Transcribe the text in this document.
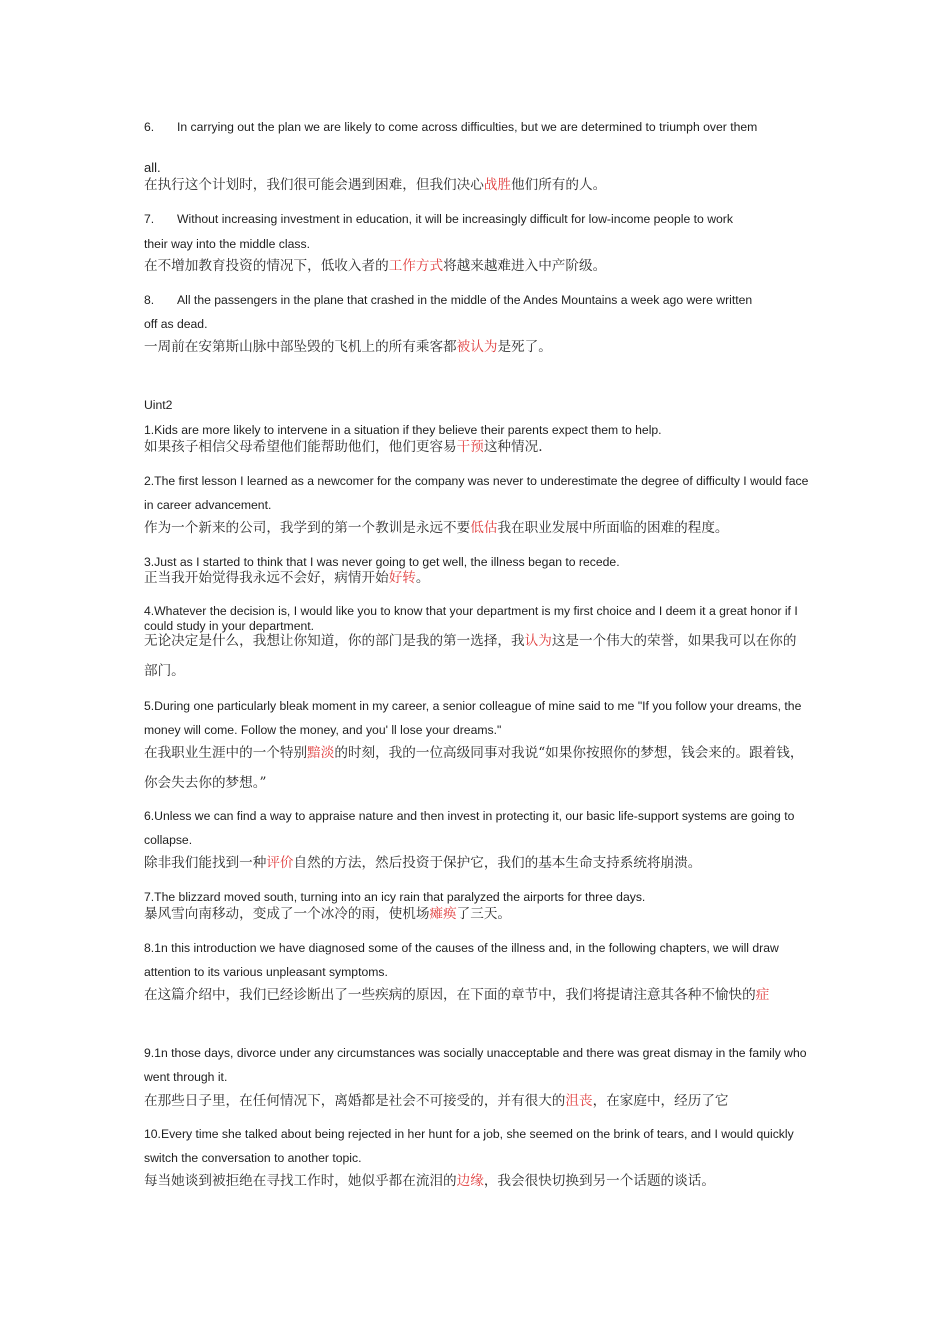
6. In carrying out the plan we are likely to come across difficulties, but we are determined to triumph over them

all.

在执行这个计划时，我们很可能会遇到困难，但我们决心战胜他们所有的人。

7. Without increasing investment in education, it will be increasingly difficult for low-income people to work

their way into the middle class.

在不增加教育投资的情况下，低收入者的工作方式将越来越难进入中产阶级。

8. All the passengers in the plane that crashed in the middle of the Andes Mountains a week ago were written

off as dead.

一周前在安第斯山脉中部坠毁的飞机上的所有乘客都被认为是死了。

Uint2

1.Kids are more likely to intervene in a situation if they believe their parents expect them to help.

如果孩子相信父母希望他们能帮助他们，他们更容易干预这种情况.

2.The first lesson I learned as a newcomer for the company was never to underestimate the degree of difficulty I would face in career advancement.

作为一个新来的公司，我学到的第一个教训是永远不要低估我在职业发展中所面临的困难的程度。

3.Just as I started to think that I was never going to get well, the illness began to recede.

正当我开始觉得我永远不会好，病情开始好转。

4.Whatever the decision is, I would like you to know that your department is my first choice and I deem it a great honor if I could study in your department.

无论决定是什么，我想让你知道，你的部门是我的第一选择，我认为这是一个伟大的荣誉，如果我可以在你的部门。

5.During one particularly bleak moment in my career, a senior colleague of mine said to me "If you follow your dreams, the money will come. Follow the money, and you' ll lose your dreams."

在我职业生涯中的一个特别黯淡的时刻，我的一位高级同事对我说“如果你按照你的梦想，钱会来的。跟着钱，你会失去你的梦想。”

6.Unless we can find a way to appraise nature and then invest in protecting it, our basic life-support systems are going to collapse.

除非我们能找到一种评价自然的方法，然后投资于保护它，我们的基本生命支持系统将崩溃。

7.The blizzard moved south, turning into an icy rain that paralyzed the airports for three days.

暴风雪向南移动，变成了一个冰冷的雨，使机场瘫痪了三天。

8.1n this introduction we have diagnosed some of the causes of the illness and, in the following chapters, we will draw attention to its various unpleasant symptoms.

在这篇介绍中，我们已经诊断出了一些疾病的原因，在下面的章节中，我们将提请注意其各种不愉快的症

9.1n those days, divorce under any circumstances was socially unacceptable and there was great dismay in the family who went through it.

在那些日子里，在任何情况下，离婚都是社会不可接受的，并有很大的沮丧，在家庭中，经历了它

10.Every time she talked about being rejected in her hunt for a job, she seemed on the brink of tears, and I would quickly switch the conversation to another topic.

每当她谈到被拒绝在寻找工作时，她似乎都在流泪的边缘，我会很快切换到另一个话题的谈话。
